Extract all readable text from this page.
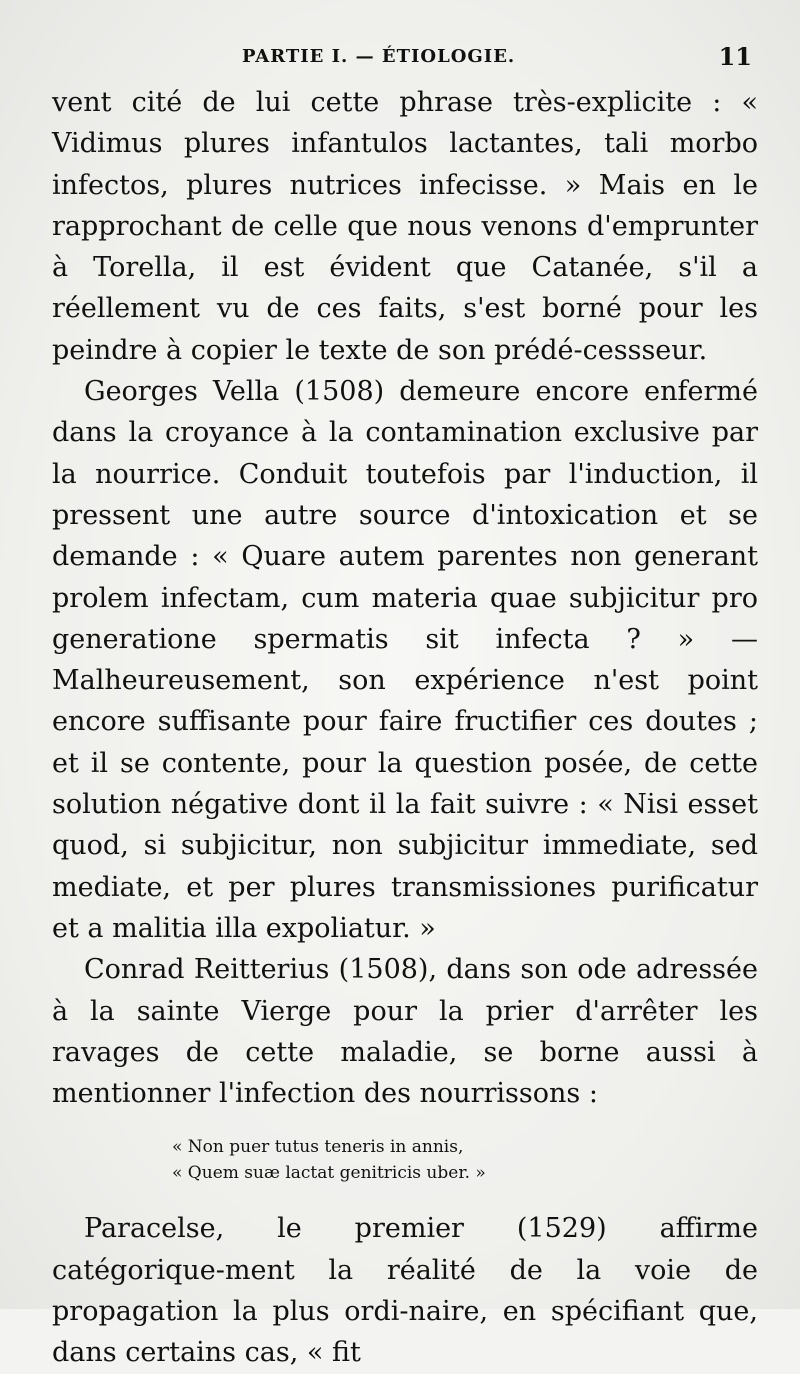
PARTIE I. — ÉTIOLOGIE.	11

vent cité de lui cette phrase très-explicite : « Vidimus plures infantulos lactantes, tali morbo infectos, plures nutrices infecisse. » Mais en le rapprochant de celle que nous venons d'emprunter à Torella, il est évident que Catanée, s'il a réellement vu de ces faits, s'est borné pour les peindre à copier le texte de son prédé-cessseur.

Georges Vella (1508) demeure encore enfermé dans la croyance à la contamination exclusive par la nourrice. Conduit toutefois par l'induction, il pressent une autre source d'intoxication et se demande : « Quare autem parentes non generant prolem infectam, cum materia quae subjicitur pro generatione spermatis sit infecta ? » — Malheureusement, son expérience n'est point encore suffisante pour faire fructifier ces doutes ; et il se contente, pour la question posée, de cette solution négative dont il la fait suivre : « Nisi esset quod, si subjicitur, non subjicitur immediate, sed mediate, et per plures transmissiones purificatur et a malitia illa expoliatur. »

Conrad Reitterius (1508), dans son ode adressée à la sainte Vierge pour la prier d'arrêter les ravages de cette maladie, se borne aussi à mentionner l'infection des nourrissons :

« Non puer tutus teneris in annis,
« Quem suæ lactat genitricis uber. »

Paracelse, le premier (1529) affirme catégorique-ment la réalité de la voie de propagation la plus ordi-naire, en spécifiant que, dans certains cas, « fit
